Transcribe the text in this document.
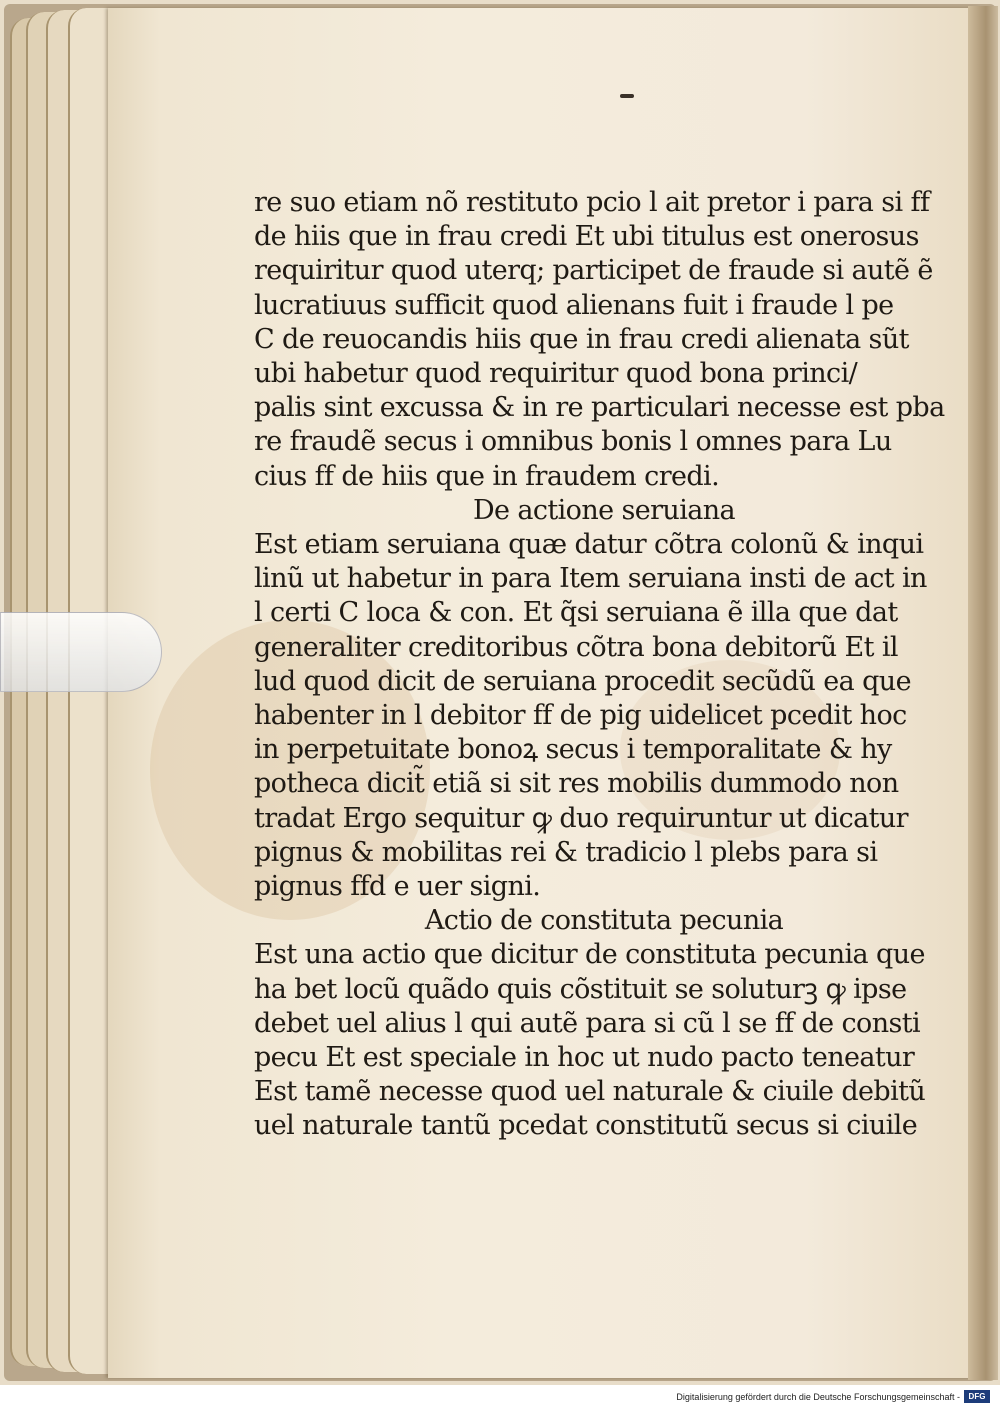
re suo etiam nõ restituto pcio l ait pretor i para si ff
de hiis que in frau credi Et ubi titulus est onerosus
requiritur quod uterq; participet de fraude si autẽ ẽ
lucratiuus sufficit quod alienans fuit i fraude l pe
C de reuocandis hiis que in frau credi alienata sũt
ubi habetur quod requiritur quod bona princi/
palis sint excussa & in re particulari necesse est pba
re fraudẽ secus i omnibus bonis l omnes para Lu
cius ff de hiis que in fraudem credi.
De actione seruiana
Est etiam seruiana quæ datur cõtra colonũ & inqui
linũ ut habetur in para Item seruiana insti de act in
l certi C loca & con. Et q̃si seruiana ẽ illa que dat
generaliter creditoribus cõtra bona debitorũ Et il
lud quod dicit de seruiana procedit secũdũ ea que
habenter in l debitor ff de pig uidelicet pcedit hoc
in perpetuitate bonoꝝ secus i temporalitate & hy
potheca dicit̃ etiã si sit res mobilis dummodo non
tradat Ergo sequitur ꝙ duo requiruntur ut dicatur
pignus & mobilitas rei & tradicio l plebs para si
pignus ffd e uer signi.
Actio de constituta pecunia
Est una actio que dicitur de constituta pecunia que
ha bet locũ quãdo quis cõstituit se soluturꝫ ꝙ ipse
debet uel alius l qui autẽ para si cũ l se ff de consti
pecu Et est speciale in hoc ut nudo pacto teneatur
Est tamẽ necesse quod uel naturale & ciuile debitũ
uel naturale tantũ pcedat constitutũ secus si ciuile
Digitalisierung gefördert durch die Deutsche Forschungsgemeinschaft -	DFG
